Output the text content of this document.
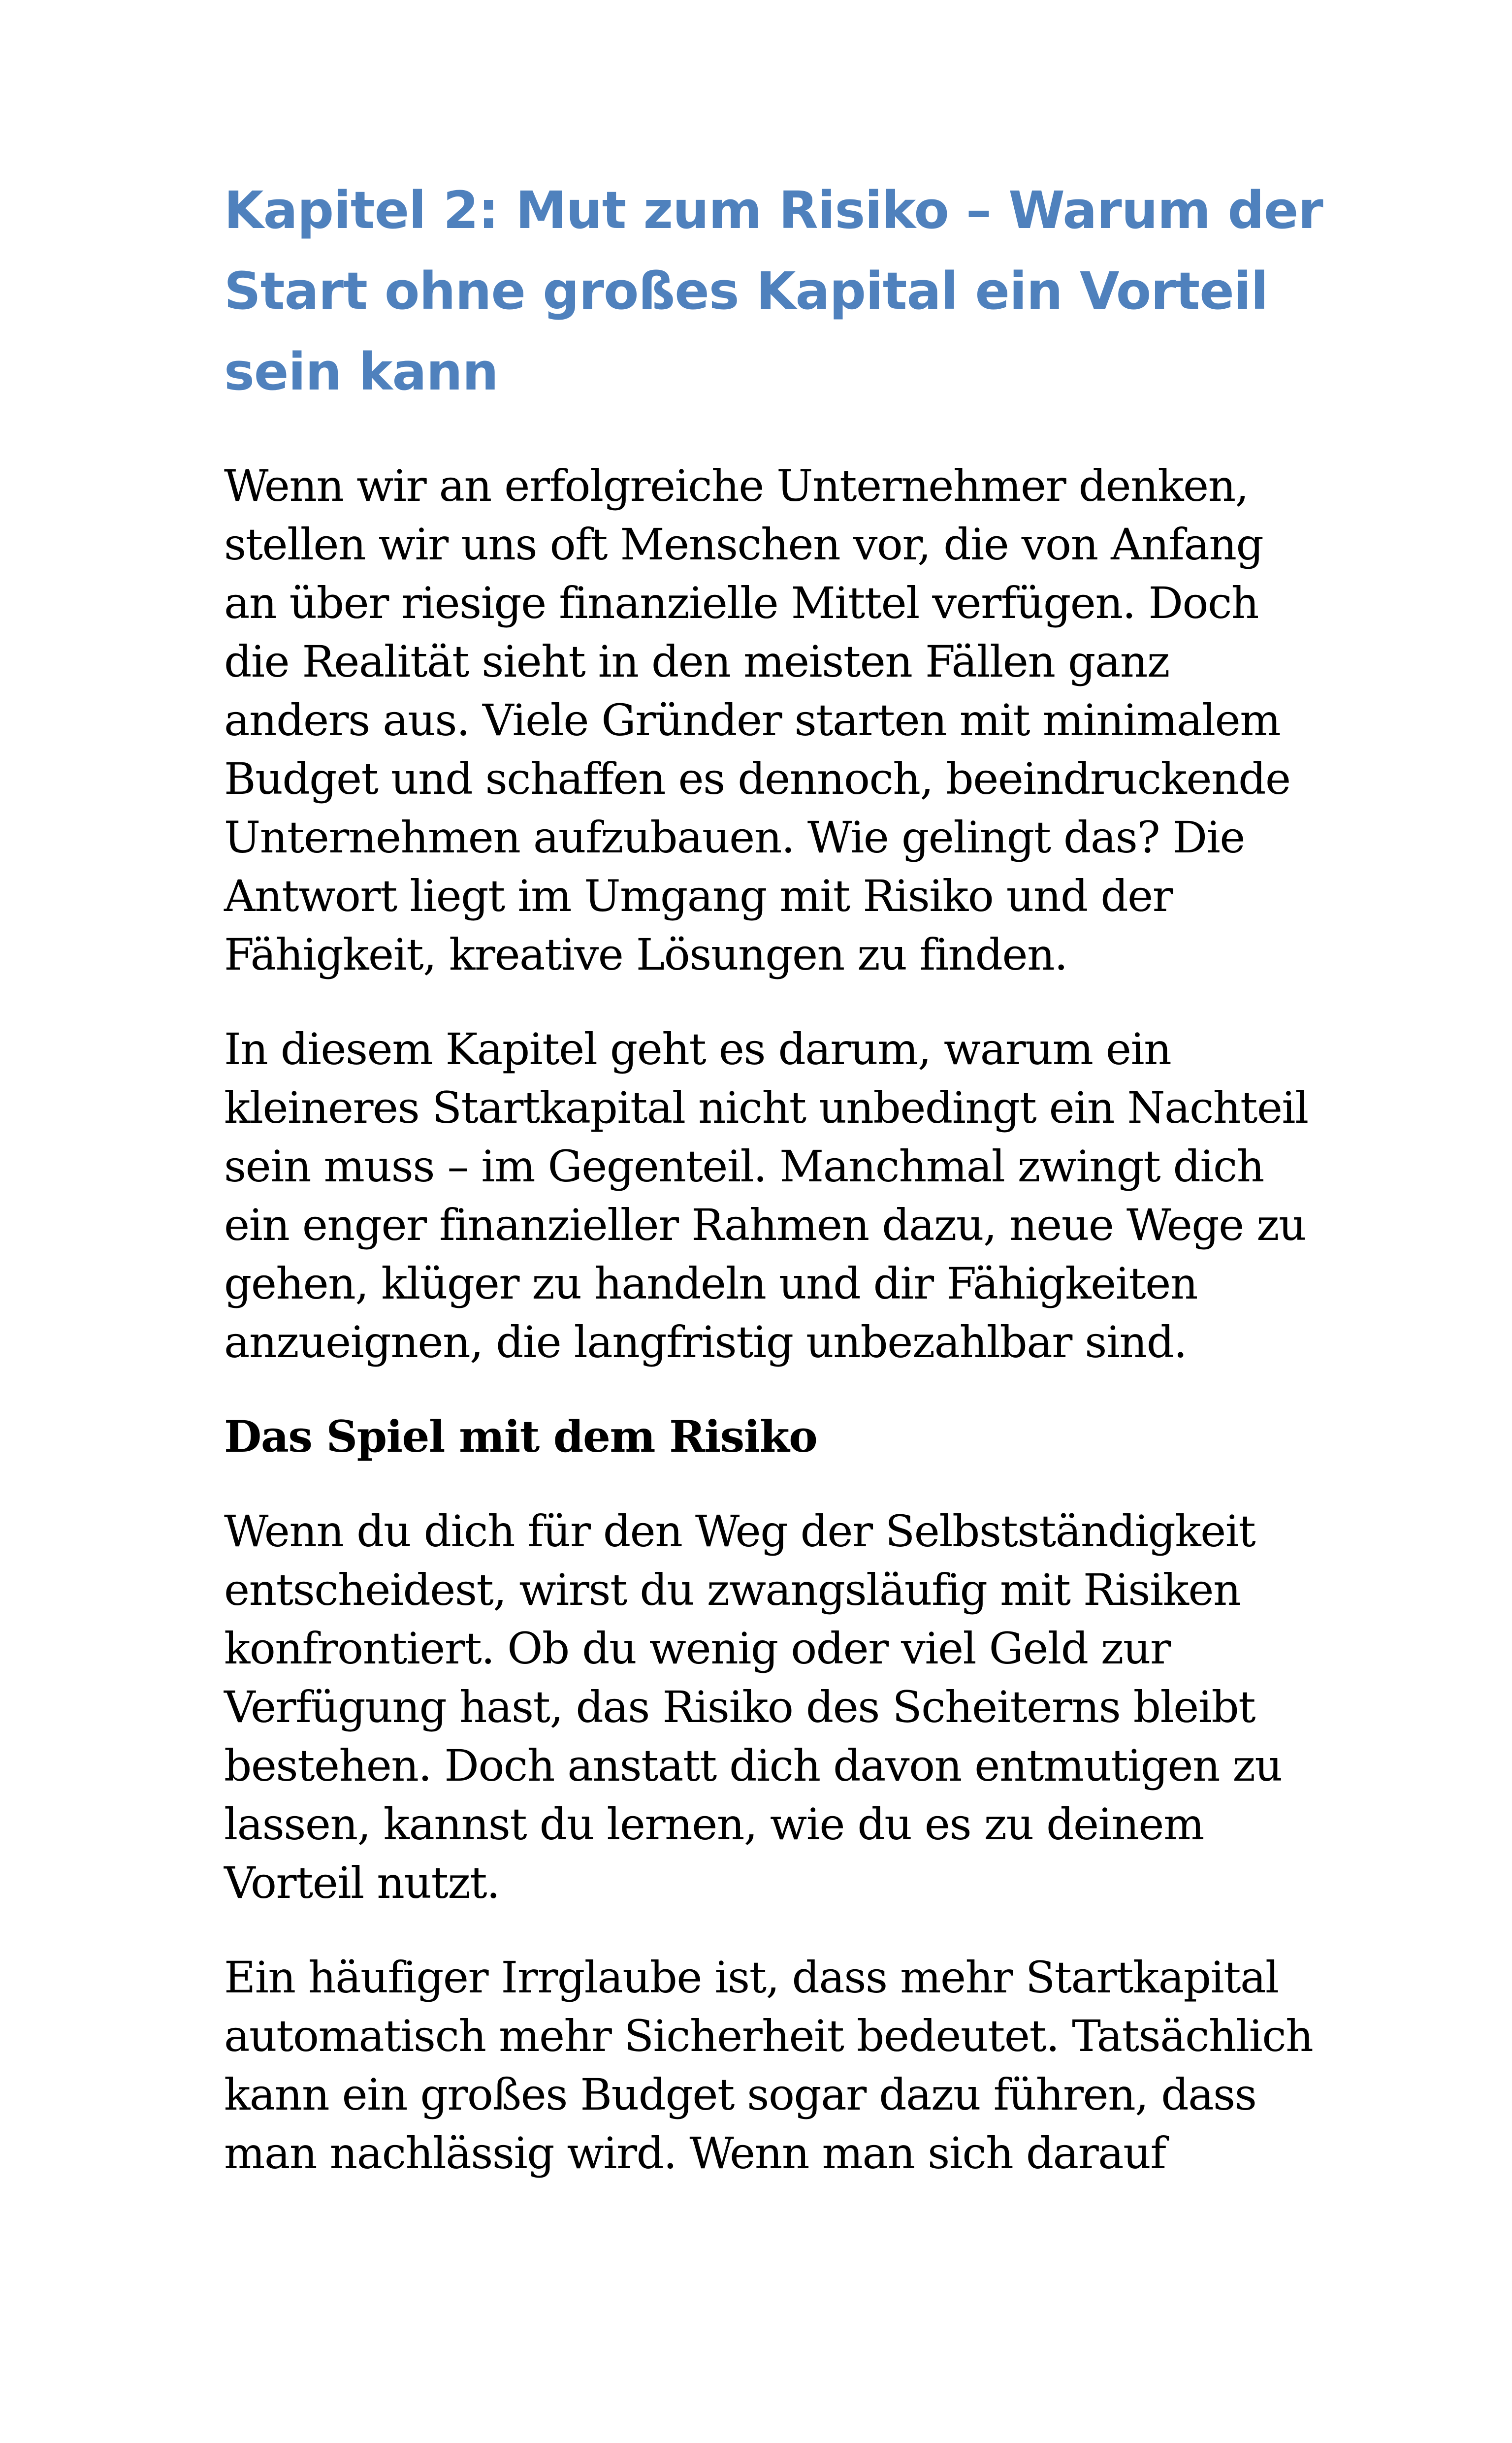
Kapitel 2: Mut zum Risiko – Warum der
Start ohne großes Kapital ein Vorteil
sein kann

Wenn wir an erfolgreiche Unternehmer denken,
stellen wir uns oft Menschen vor, die von Anfang
an über riesige finanzielle Mittel verfügen. Doch
die Realität sieht in den meisten Fällen ganz
anders aus. Viele Gründer starten mit minimalem
Budget und schaffen es dennoch, beeindruckende
Unternehmen aufzubauen. Wie gelingt das? Die
Antwort liegt im Umgang mit Risiko und der
Fähigkeit, kreative Lösungen zu finden.

In diesem Kapitel geht es darum, warum ein
kleineres Startkapital nicht unbedingt ein Nachteil
sein muss – im Gegenteil. Manchmal zwingt dich
ein enger finanzieller Rahmen dazu, neue Wege zu
gehen, klüger zu handeln und dir Fähigkeiten
anzueignen, die langfristig unbezahlbar sind.

Das Spiel mit dem Risiko

Wenn du dich für den Weg der Selbstständigkeit
entscheidest, wirst du zwangsläufig mit Risiken
konfrontiert. Ob du wenig oder viel Geld zur
Verfügung hast, das Risiko des Scheiterns bleibt
bestehen. Doch anstatt dich davon entmutigen zu
lassen, kannst du lernen, wie du es zu deinem
Vorteil nutzt.

Ein häufiger Irrglaube ist, dass mehr Startkapital
automatisch mehr Sicherheit bedeutet. Tatsächlich
kann ein großes Budget sogar dazu führen, dass
man nachlässig wird. Wenn man sich darauf
